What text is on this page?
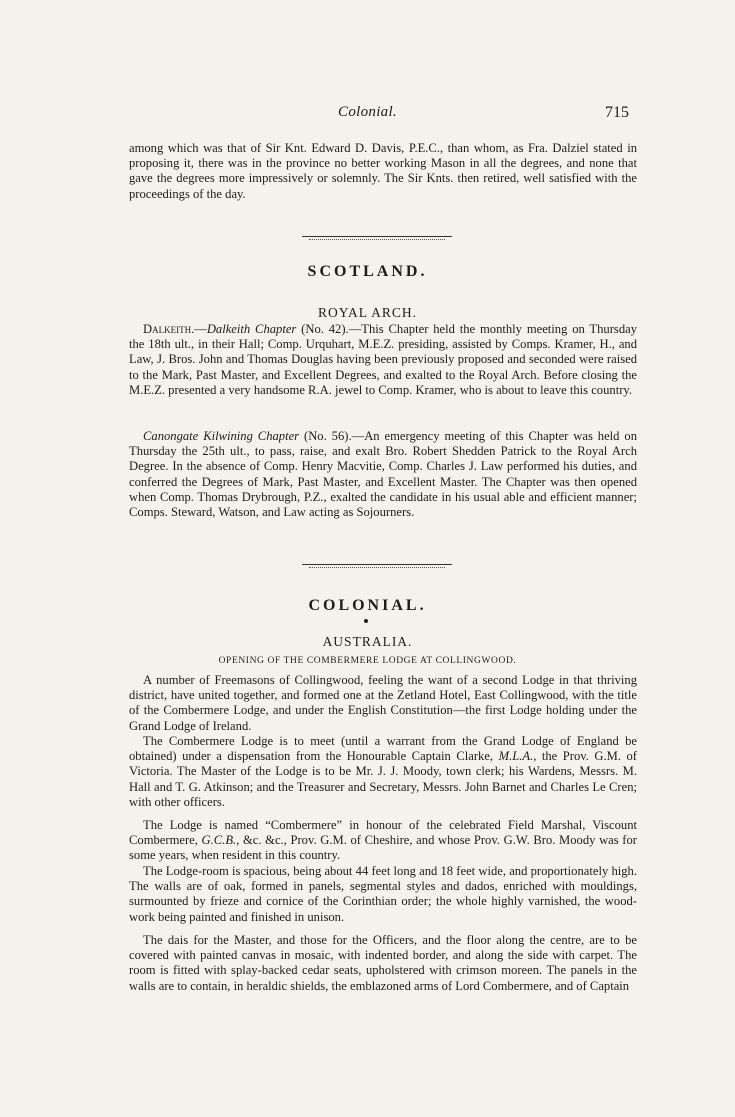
Colonial.	715

among which was that of Sir Knt. Edward D. Davis, P.E.C., than whom, as Fra. Dalziel stated in proposing it, there was in the province no better working Mason in all the degrees, and none that gave the degrees more impressively or solemnly. The Sir Knts. then retired, well satisfied with the proceedings of the day.

SCOTLAND.
ROYAL ARCH.

Dalkeith.—Dalkeith Chapter (No. 42).—This Chapter held the monthly meeting on Thursday the 18th ult., in their Hall; Comp. Urquhart, M.E.Z. presiding, assisted by Comps. Kramer, H., and Law, J. Bros. John and Thomas Douglas having been previously proposed and seconded were raised to the Mark, Past Master, and Excellent Degrees, and exalted to the Royal Arch. Before closing the M.E.Z. presented a very handsome R.A. jewel to Comp. Kramer, who is about to leave this country.

Canongate Kilwining Chapter (No. 56).—An emergency meeting of this Chapter was held on Thursday the 25th ult., to pass, raise, and exalt Bro. Robert Shedden Patrick to the Royal Arch Degree. In the absence of Comp. Henry Macvitie, Comp. Charles J. Law performed his duties, and conferred the Degrees of Mark, Past Master, and Excellent Master. The Chapter was then opened when Comp. Thomas Drybrough, P.Z., exalted the candidate in his usual able and efficient manner; Comps. Steward, Watson, and Law acting as Sojourners.

COLONIAL.
AUSTRALIA.
OPENING OF THE COMBERMERE LODGE AT COLLINGWOOD.

A number of Freemasons of Collingwood, feeling the want of a second Lodge in that thriving district, have united together, and formed one at the Zetland Hotel, East Collingwood, with the title of the Combermere Lodge, and under the English Constitution—the first Lodge holding under the Grand Lodge of Ireland.

The Combermere Lodge is to meet (until a warrant from the Grand Lodge of England be obtained) under a dispensation from the Honourable Captain Clarke, M.L.A., the Prov. G.M. of Victoria. The Master of the Lodge is to be Mr. J. J. Moody, town clerk; his Wardens, Messrs. M. Hall and T. G. Atkinson; and the Treasurer and Secretary, Messrs. John Barnet and Charles Le Cren; with other officers.

The Lodge is named “Combermere” in honour of the celebrated Field Marshal, Viscount Combermere, G.C.B., &c. &c., Prov. G.M. of Cheshire, and whose Prov. G.W. Bro. Moody was for some years, when resident in this country.

The Lodge-room is spacious, being about 44 feet long and 18 feet wide, and proportionately high. The walls are of oak, formed in panels, segmental styles and dados, enriched with mouldings, surmounted by frieze and cornice of the Corinthian order; the whole highly varnished, the wood-work being painted and finished in unison.

The dais for the Master, and those for the Officers, and the floor along the centre, are to be covered with painted canvas in mosaic, with indented border, and along the side with carpet. The room is fitted with splay-backed cedar seats, upholstered with crimson moreen. The panels in the walls are to contain, in heraldic shields, the emblazoned arms of Lord Combermere, and of Captain
